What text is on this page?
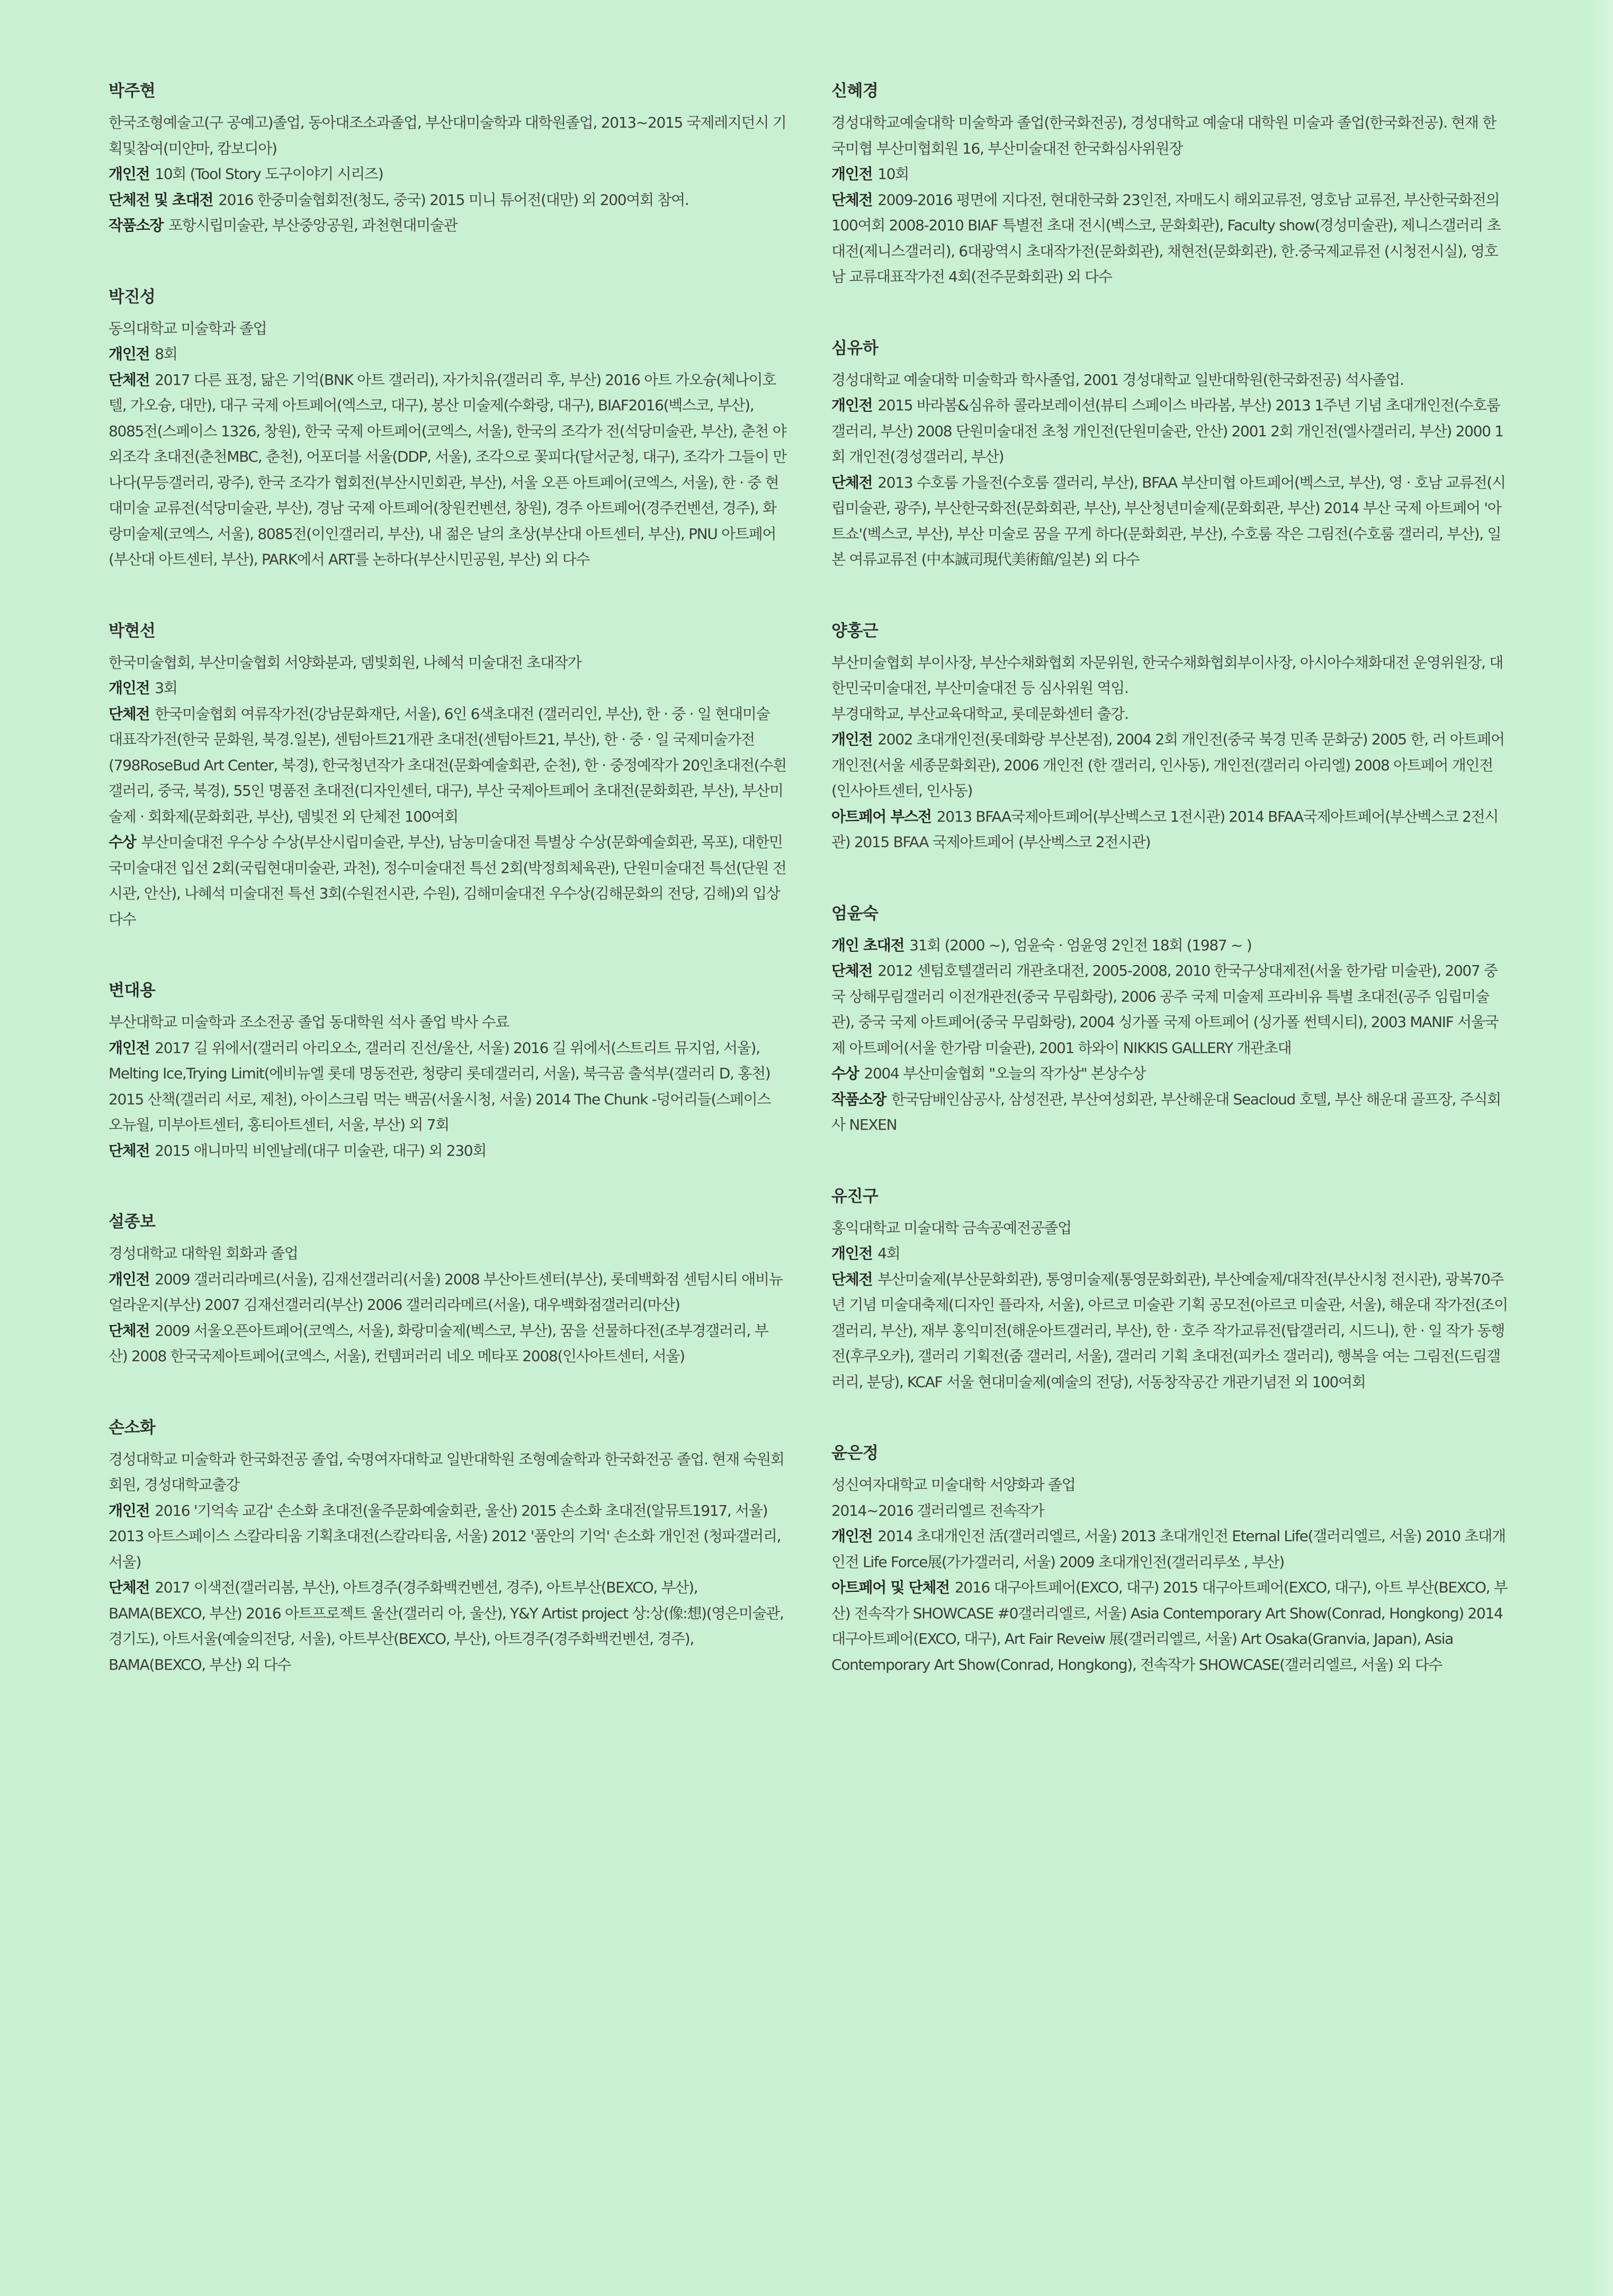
박주현

한국조형예술고(구 공예고)졸업, 동아대조소과졸업, 부산대미술학과 대학원졸업, 2013~2015 국제레지던시 기획및참여(미얀마, 캄보디아)

개인전 10회 (Tool Story 도구이야기 시리즈)

단체전 및 초대전 2016 한중미술협회전(청도, 중국) 2015 미니 튜어전(대만) 외 200여회 참여.

작품소장 포항시립미술관, 부산중앙공원, 과천현대미술관

박진성

동의대학교 미술학과 졸업

개인전 8회

단체전 2017 다른 표정, 닮은 기억(BNK 아트 갤러리), 자가치유(갤러리 후, 부산) 2016 아트 가오슝(체나이호텔, 가오슝, 대만), 대구 국제 아트페어(엑스코, 대구), 봉산 미술제(수화랑, 대구), BIAF2016(벡스코, 부산), 8085전(스페이스 1326, 창원), 한국 국제 아트페어(코엑스, 서울), 한국의 조각가 전(석당미술관, 부산), 춘천 야외조각 초대전(춘천MBC, 춘천), 어포더블 서울(DDP, 서울), 조각으로 꽃피다(달서군청, 대구), 조각가 그들이 만나다(무등갤러리, 광주), 한국 조각가 협회전(부산시민회관, 부산), 서울 오픈 아트페어(코엑스, 서울), 한 · 중 현대미술 교류전(석당미술관, 부산), 경남 국제 아트페어(창원컨벤션, 창원), 경주 아트페어(경주컨벤션, 경주), 화랑미술제(코엑스, 서울), 8085전(이인갤러리, 부산), 내 젊은 날의 초상(부산대 아트센터, 부산), PNU 아트페어(부산대 아트센터, 부산), PARK에서 ART를 논하다(부산시민공원, 부산) 외 다수

박현선

한국미술협회, 부산미술협회 서양화분과, 뎀빛회원, 나혜석 미술대전 초대작가

개인전 3회

단체전 한국미술협회 여류작가전(강남문화재단, 서울), 6인 6색초대전 (갤러리인, 부산), 한 · 중 · 일 현대미술 대표작가전(한국 문화원, 북경.일본), 센텀아트21개관 초대전(센텀아트21, 부산), 한 · 중 · 일 국제미술가전(798RoseBud Art Center, 북경), 한국청년작가 초대전(문화예술회관, 순천), 한 · 중정예작가 20인초대전(수흰갤러리, 중국, 북경), 55인 명품전 초대전(디자인센터, 대구), 부산 국제아트페어 초대전(문화회관, 부산), 부산미술제 · 회화제(문화회관, 부산), 뎀빛전 외 단체전 100여회

수상 부산미술대전 우수상 수상(부산시립미술관, 부산), 남농미술대전 특별상 수상(문화예술회관, 목포), 대한민국미술대전 입선 2회(국립현대미술관, 과천), 정수미술대전 특선 2회(박정희체육관), 단원미술대전 특선(단원 전시관, 안산), 나혜석 미술대전 특선 3회(수원전시관, 수원), 김해미술대전 우수상(김해문화의 전당, 김해)외 입상다수

변대용

부산대학교 미술학과 조소전공 졸업 동대학원 석사 졸업 박사 수료

개인전 2017 길 위에서(갤러리 아리오소, 갤러리 진선/울산, 서울) 2016 길 위에서(스트리트 뮤지엄, 서울), Melting Ice,Trying Limit(에비뉴엘 롯데 명동전관, 청량리 롯데갤러리, 서울), 북극곰 출석부(갤러리 D, 홍천) 2015 산책(갤러리 서로, 제천), 아이스크림 먹는 백곰(서울시청, 서울) 2014 The Chunk -덩어리들(스페이스 오뉴월, 미부아트센터, 홍티아트센터, 서울, 부산) 외 7회

단체전 2015 애니마믹 비엔날레(대구 미술관, 대구) 외 230회

설종보

경성대학교 대학원 회화과 졸업

개인전 2009 갤러리라메르(서울), 김재선갤러리(서울) 2008 부산아트센터(부산), 롯데백화점 센텀시티 애비뉴얼라운지(부산) 2007 김재선갤러리(부산) 2006 갤러리라메르(서울), 대우백화점갤러리(마산)

단체전 2009 서울오픈아트페어(코엑스, 서울), 화랑미술제(벡스코, 부산), 꿈을 선물하다전(조부경갤러리, 부산) 2008 한국국제아트페어(코엑스, 서울), 컨템퍼러리 네오 메타포 2008(인사아트센터, 서울)

손소화

경성대학교 미술학과 한국화전공 졸업, 숙명여자대학교 일반대학원 조형예술학과 한국화전공 졸업. 현재 숙원회 회원, 경성대학교출강

개인전 2016 '기억속 교감' 손소화 초대전(울주문화예술회관, 울산) 2015 손소화 초대전(알뮤트1917, 서울) 2013 아트스페이스 스칼라티움 기획초대전(스칼라티움, 서울) 2012 '품안의 기억' 손소화 개인전 (청파갤러리, 서울)

단체전 2017 이색전(갤러리봄, 부산), 아트경주(경주화백컨벤션, 경주), 아트부산(BEXCO, 부산), BAMA(BEXCO, 부산) 2016 아트프로젝트 울산(갤러리 아, 울산), Y&Y Artist project 상:상(像:想)(영은미술관, 경기도), 아트서울(예술의전당, 서울), 아트부산(BEXCO, 부산), 아트경주(경주화백컨벤션, 경주), BAMA(BEXCO, 부산) 외 다수

신혜경

경성대학교예술대학 미술학과 졸업(한국화전공), 경성대학교 예술대 대학원 미술과 졸업(한국화전공). 현재 한국미협 부산미협회원 16, 부산미술대전 한국화심사위원장

개인전 10회

단체전 2009-2016 평면에 지다전, 현대한국화 23인전, 자매도시 해외교류전, 영호남 교류전, 부산한국화전의 100여회 2008-2010 BIAF 특별전 초대 전시(벡스코, 문화회관), Faculty show(경성미술관), 제니스갤러리 초대전(제니스갤러리), 6대광역시 초대작가전(문화회관), 채현전(문화회관), 한.중국제교류전 (시청전시실), 영호남 교류대표작가전 4회(전주문화회관) 외 다수

심유하

경성대학교 예술대학 미술학과 학사졸업, 2001 경성대학교 일반대학원(한국화전공) 석사졸업.

개인전 2015 바라봄&심유하 콜라보레이션(뷰티 스페이스 바라봄, 부산) 2013 1주년 기념 초대개인전(수호룸갤러리, 부산) 2008 단원미술대전 초청 개인전(단원미술관, 안산) 2001 2회 개인전(엘사갤러리, 부산) 2000 1회 개인전(경성갤러리, 부산)

단체전 2013 수호룸 가을전(수호룸 갤러리, 부산), BFAA 부산미협 아트페어(벡스코, 부산), 영 · 호남 교류전(시립미술관, 광주), 부산한국화전(문화회관, 부산), 부산청년미술제(문화회관, 부산) 2014 부산 국제 아트페어 '아트쇼'(벡스코, 부산), 부산 미술로 꿈을 꾸게 하다(문화회관, 부산), 수호룸 작은 그림전(수호룸 갤러리, 부산), 일본 여류교류전 (中本誠司現代美術館/일본) 외 다수

양홍근

부산미술협회 부이사장, 부산수채화협회 자문위원, 한국수채화협회부이사장, 아시아수채화대전 운영위원장, 대한민국미술대전, 부산미술대전 등 심사위원 역임.

부경대학교, 부산교육대학교, 롯데문화센터 출강.

개인전 2002 초대개인전(롯데화랑 부산본점), 2004 2회 개인전(중국 북경 민족 문화궁) 2005 한, 러 아트페어 개인전(서울 세종문화회관), 2006 개인전 (한 갤러리, 인사동), 개인전(갤러리 아리엘) 2008 아트페어 개인전(인사아트센터, 인사동)

아트페어 부스전 2013 BFAA국제아트페어(부산벡스코 1전시관) 2014 BFAA국제아트페어(부산벡스코 2전시관) 2015 BFAA 국제아트페어 (부산벡스코 2전시관)

엄윤숙

개인 초대전 31회 (2000 ~), 엄윤숙 · 엄윤영 2인전 18회 (1987 ~ )

단체전 2012 센텀호텔갤러리 개관초대전, 2005-2008, 2010 한국구상대제전(서울 한가람 미술관), 2007 중국 상해무림갤러리 이전개관전(중국 무림화랑), 2006 공주 국제 미술제 프라비유 특별 초대전(공주 임립미술관), 중국 국제 아트페어(중국 무림화랑), 2004 싱가폴 국제 아트페어 (싱가폴 썬텍시티), 2003 MANIF 서울국제 아트페어(서울 한가람 미술관), 2001 하와이 NIKKIS GALLERY 개관초대

수상 2004 부산미술협회 "오늘의 작가상" 본상수상

작품소장 한국담배인삼공사, 삼성전관, 부산여성회관, 부산해운대 Seacloud 호텔, 부산 해운대 골프장, 주식회사 NEXEN

유진구

홍익대학교 미술대학 금속공예전공졸업

개인전 4회

단체전 부산미술제(부산문화회관), 통영미술제(통영문화회관), 부산예술제/대작전(부산시청 전시관), 광복70주년 기념 미술대축제(디자인 플라자, 서울), 아르코 미술관 기획 공모전(아르코 미술관, 서울), 해운대 작가전(조이갤러리, 부산), 재부 홍익미전(해운아트갤러리, 부산), 한 · 호주 작가교류전(탑갤러리, 시드니), 한 · 일 작가 동행전(후쿠오카), 갤러리 기획전(줌 갤러리, 서울), 갤러리 기획 초대전(피카소 갤러리), 행복을 여는 그림전(드림갤러리, 분당), KCAF 서울 현대미술제(예술의 전당), 서동창작공간 개관기념전 외 100여회

윤은정

성신여자대학교 미술대학 서양화과 졸업

2014~2016 갤러리엘르 전속작가

개인전 2014 초대개인전 活(갤러리엘르, 서울) 2013 초대개인전 Eternal Life(갤러리엘르, 서울) 2010 초대개인전 Life Force展(가가갤러리, 서울) 2009 초대개인전(갤러리루쏘 , 부산)

아트페어 및 단체전 2016 대구아트페어(EXCO, 대구) 2015 대구아트페어(EXCO, 대구), 아트 부산(BEXCO, 부산) 전속작가 SHOWCASE #0갤러리엘르, 서울) Asia Contemporary Art Show(Conrad, Hongkong) 2014 대구아트페어(EXCO, 대구), Art Fair Reveiw 展(갤러리엘르, 서울) Art Osaka(Granvia, Japan), Asia Contemporary Art Show(Conrad, Hongkong), 전속작가 SHOWCASE(갤러리엘르, 서울) 외 다수
